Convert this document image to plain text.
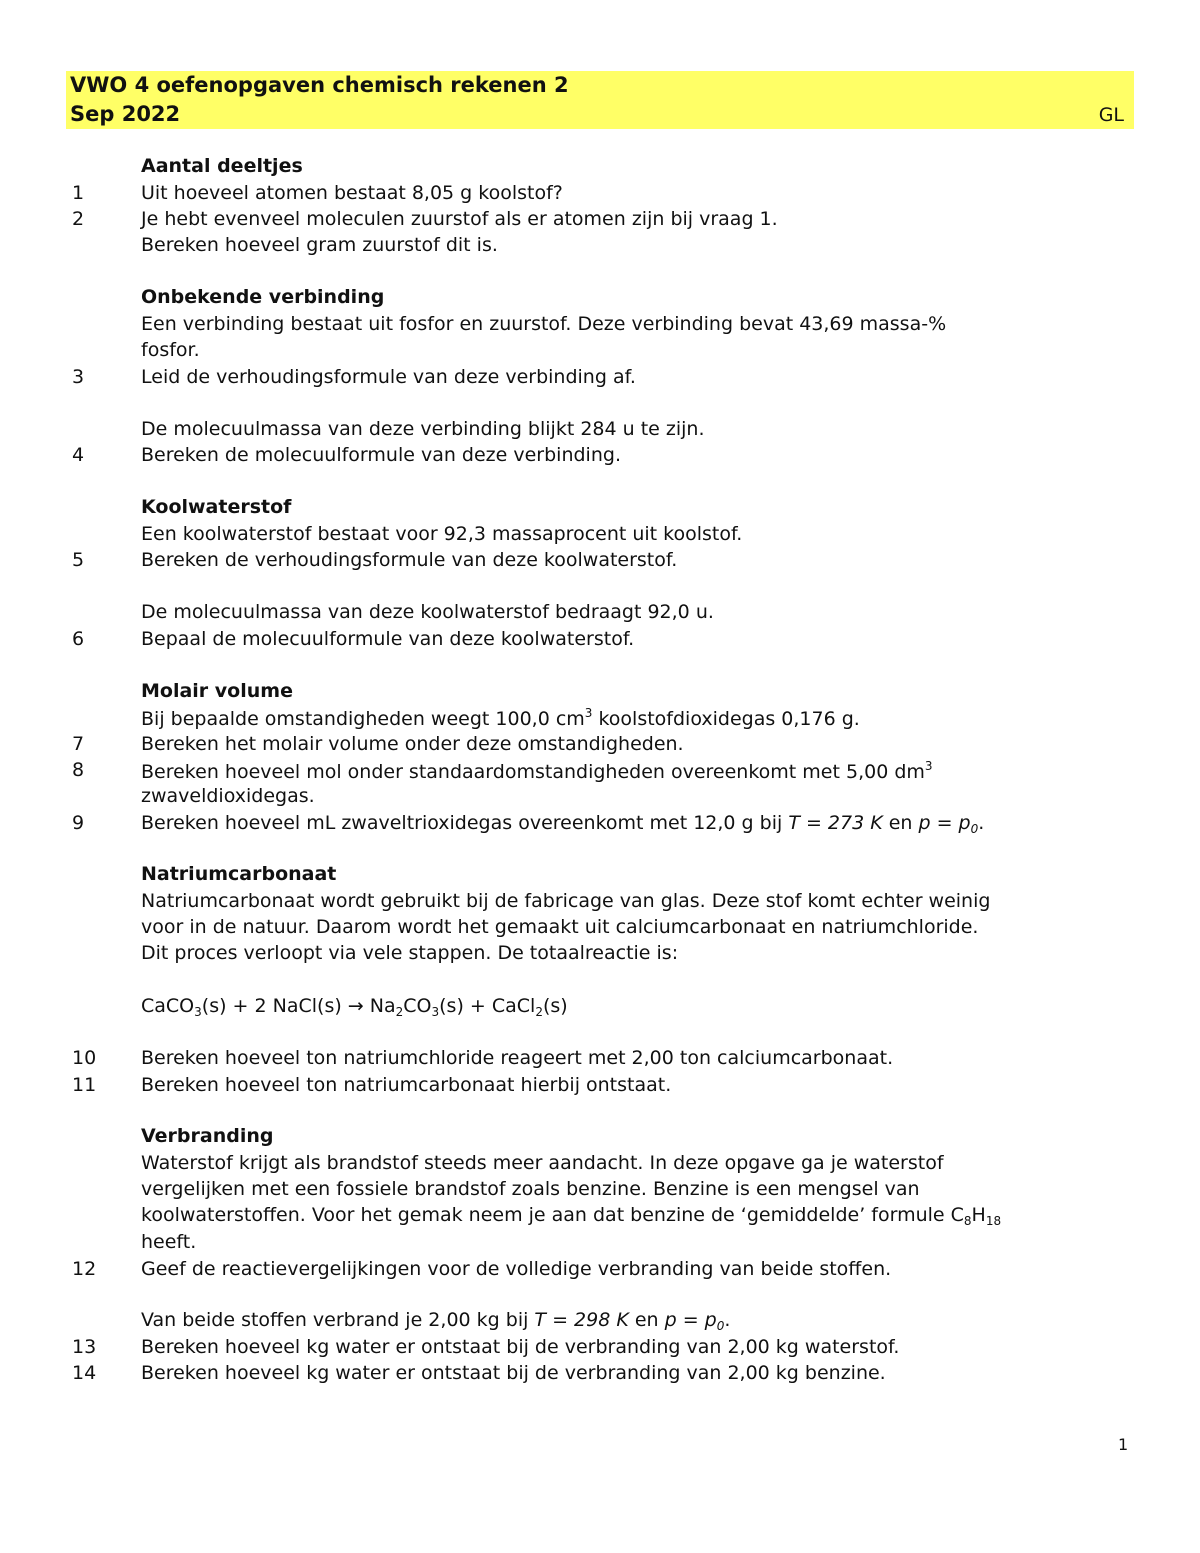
VWO 4 oefenopgaven chemisch rekenen 2
Sep 2022	GL
Aantal deeltjes
1	Uit hoeveel atomen bestaat 8,05 g koolstof?
2	Je hebt evenveel moleculen zuurstof als er atomen zijn bij vraag 1.
Bereken hoeveel gram zuurstof dit is.
Onbekende verbinding
Een verbinding bestaat uit fosfor en zuurstof. Deze verbinding bevat 43,69 massa-%
fosfor.
3	Leid de verhoudingsformule van deze verbinding af.
De molecuulmassa van deze verbinding blijkt 284 u te zijn.
4	Bereken de molecuulformule van deze verbinding.
Koolwaterstof
Een koolwaterstof bestaat voor 92,3 massaprocent uit koolstof.
5	Bereken de verhoudingsformule van deze koolwaterstof.
De molecuulmassa van deze koolwaterstof bedraagt 92,0 u.
6	Bepaal de molecuulformule van deze koolwaterstof.
Molair volume
Bij bepaalde omstandigheden weegt 100,0 $cm^3$ koolstofdioxidegas 0,176 g.
7	Bereken het molair volume onder deze omstandigheden.
8	Bereken hoeveel mol onder standaardomstandigheden overeenkomt met 5,00 $dm^3$
zwaveldioxidegas.
9	Bereken hoeveel mL zwaveltrioxidegas overeenkomt met 12,0 g bij T = 273 K en $p = p_0$.
Natriumcarbonaat
Natriumcarbonaat wordt gebruikt bij de fabricage van glas. Deze stof komt echter weinig
voor in de natuur. Daarom wordt het gemaakt uit calciumcarbonaat en natriumchloride.
Dit proces verloopt via vele stappen. De totaalreactie is:
CaCO$_3$(s) + 2 NaCl(s) → $Na_2CO_3(s)$ + CaCl$_2$(s)
10 Bereken hoeveel ton natriumchloride reageert met 2,00 ton calciumcarbonaat.
11 Bereken hoeveel ton natriumcarbonaat hierbij ontstaat.
Verbranding
Waterstof krijgt als brandstof steeds meer aandacht. In deze opgave ga je waterstof
vergelijken met een fossiele brandstof zoals benzine. Benzine is een mengsel van
koolwaterstoffen. Voor het gemak neem je aan dat benzine de ‘gemiddelde’ formule $C_8H_{18}$
heeft.
12 Geef de reactievergelijkingen voor de volledige verbranding van beide stoffen.
Van beide stoffen verbrand je 2,00 kg bij T = 298 K en $p = p_0$.
13 Bereken hoeveel kg water er ontstaat bij de verbranding van 2,00 kg waterstof.
14 Bereken hoeveel kg water er ontstaat bij de verbranding van 2,00 kg benzine.
1
